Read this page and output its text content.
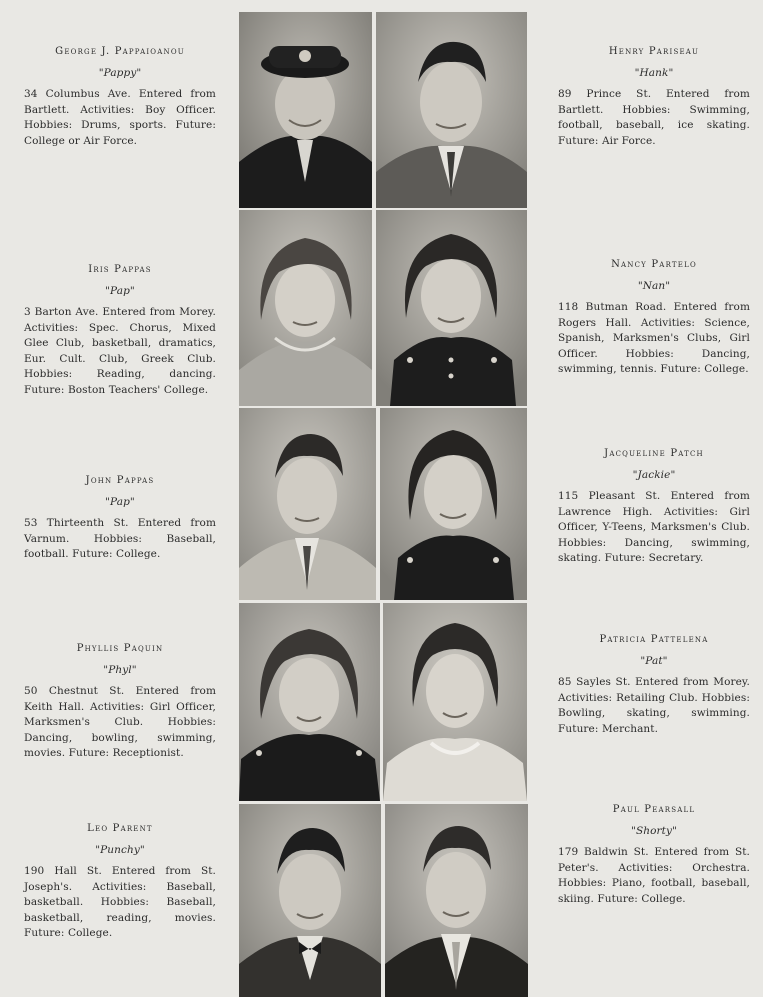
George J. Pappaioanou
"Pappy"
34 Columbus Ave. Entered from Bartlett. Activities: Boy Officer. Hobbies: Drums, sports. Future: College or Air Force.
Iris Pappas
"Pap"
3 Barton Ave. Entered from Morey. Activities: Spec. Chorus, Mixed Glee Club, basketball, dramatics, Eur. Cult. Club, Greek Club. Hobbies: Reading, dancing. Future: Boston Teachers' College.
John Pappas
"Pap"
53 Thirteenth St. Entered from Varnum. Hobbies: Baseball, football. Future: College.
Phyllis Paquin
"Phyl"
50 Chestnut St. Entered from Keith Hall. Activities: Girl Officer, Marksmen's Club. Hobbies: Dancing, bowling, swimming, movies. Future: Receptionist.
Leo Parent
"Punchy"
190 Hall St. Entered from St. Joseph's. Activities: Baseball, basketball. Hobbies: Baseball, basketball, reading, movies. Future: College.
Henry Pariseau
"Hank"
89 Prince St. Entered from Bartlett. Hobbies: Swimming, football, baseball, ice skating. Future: Air Force.
Nancy Partelo
"Nan"
118 Butman Road. Entered from Rogers Hall. Activities: Science, Spanish, Marksmen's Clubs, Girl Officer. Hobbies: Dancing, swimming, tennis. Future: College.
Jacqueline Patch
"Jackie"
115 Pleasant St. Entered from Lawrence High. Activities: Girl Officer, Y-Teens, Marksmen's Club. Hobbies: Dancing, swimming, skating. Future: Secretary.
Patricia Pattelena
"Pat"
85 Sayles St. Entered from Morey. Activities: Retailing Club. Hobbies: Bowling, skating, swimming. Future: Merchant.
Paul Pearsall
"Shorty"
179 Baldwin St. Entered from St. Peter's. Activities: Orchestra. Hobbies: Piano, football, baseball, skiing. Future: College.
